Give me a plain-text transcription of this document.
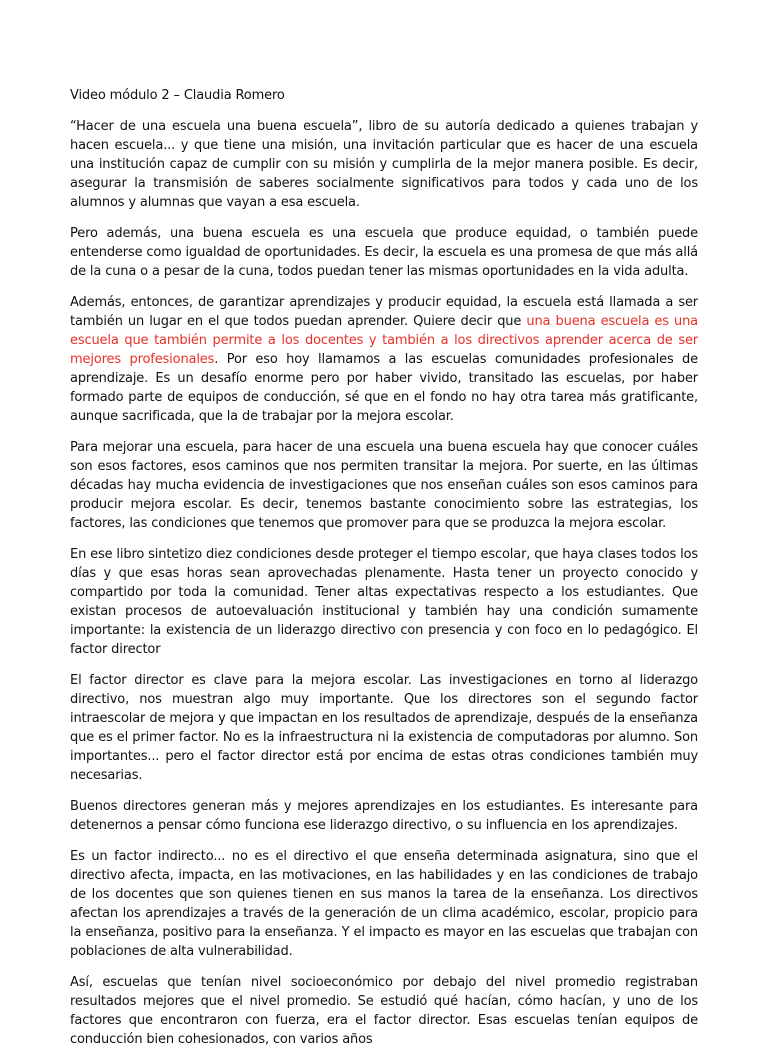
Video módulo 2 – Claudia Romero

“Hacer de una escuela una buena escuela”, libro de su autoría dedicado a quienes trabajan y hacen escuela... y que tiene una misión, una invitación particular que es hacer de una escuela una institución capaz de cumplir con su misión y cumplirla de la mejor manera posible. Es decir, asegurar la transmisión de saberes socialmente significativos para todos y cada uno de los alumnos y alumnas que vayan a esa escuela.

Pero además, una buena escuela es una escuela que produce equidad, o también puede entenderse como igualdad de oportunidades. Es decir, la escuela es una promesa de que más allá de la cuna o a pesar de la cuna, todos puedan tener las mismas oportunidades en la vida adulta.

Además, entonces, de garantizar aprendizajes y producir equidad, la escuela está llamada a ser también un lugar en el que todos puedan aprender. Quiere decir que una buena escuela es una escuela que también permite a los docentes y también a los directivos aprender acerca de ser mejores profesionales. Por eso hoy llamamos a las escuelas comunidades profesionales de aprendizaje. Es un desafío enorme pero por haber vivido, transitado las escuelas, por haber formado parte de equipos de conducción, sé que en el fondo no hay otra tarea más gratificante, aunque sacrificada, que la de trabajar por la mejora escolar.

Para mejorar una escuela, para hacer de una escuela una buena escuela hay que conocer cuáles son esos factores, esos caminos que nos permiten transitar la mejora. Por suerte, en las últimas décadas hay mucha evidencia de investigaciones que nos enseñan cuáles son esos caminos para producir mejora escolar. Es decir, tenemos bastante conocimiento sobre las estrategias, los factores, las condiciones que tenemos que promover para que se produzca la mejora escolar.

En ese libro sintetizo diez condiciones desde proteger el tiempo escolar, que haya clases todos los días y que esas horas sean aprovechadas plenamente. Hasta tener un proyecto conocido y compartido por toda la comunidad. Tener altas expectativas respecto a los estudiantes. Que existan procesos de autoevaluación institucional y también hay una condición sumamente importante: la existencia de un liderazgo directivo con presencia y con foco en lo pedagógico. El factor director

El factor director es clave para la mejora escolar. Las investigaciones en torno al liderazgo directivo, nos muestran algo muy importante. Que los directores son el segundo factor intraescolar de mejora y que impactan en los resultados de aprendizaje, después de la enseñanza que es el primer factor. No es la infraestructura ni la existencia de computadoras por alumno. Son importantes... pero el factor director está por encima de estas otras condiciones también muy necesarias.

Buenos directores generan más y mejores aprendizajes en los estudiantes. Es interesante para detenernos a pensar cómo funciona ese liderazgo directivo, o su influencia en los aprendizajes.

Es un factor indirecto... no es el directivo el que enseña determinada asignatura, sino que el directivo afecta, impacta, en las motivaciones, en las habilidades y en las condiciones de trabajo de los docentes que son quienes tienen en sus manos la tarea de la enseñanza. Los directivos afectan los aprendizajes a través de la generación de un clima académico, escolar, propicio para la enseñanza, positivo para la enseñanza. Y el impacto es mayor en las escuelas que trabajan con poblaciones de alta vulnerabilidad.

Así, escuelas que tenían nivel socioeconómico por debajo del nivel promedio registraban resultados mejores que el nivel promedio. Se estudió qué hacían, cómo hacían, y uno de los factores que encontraron con fuerza, era el factor director. Esas escuelas tenían equipos de conducción bien cohesionados, con varios años
